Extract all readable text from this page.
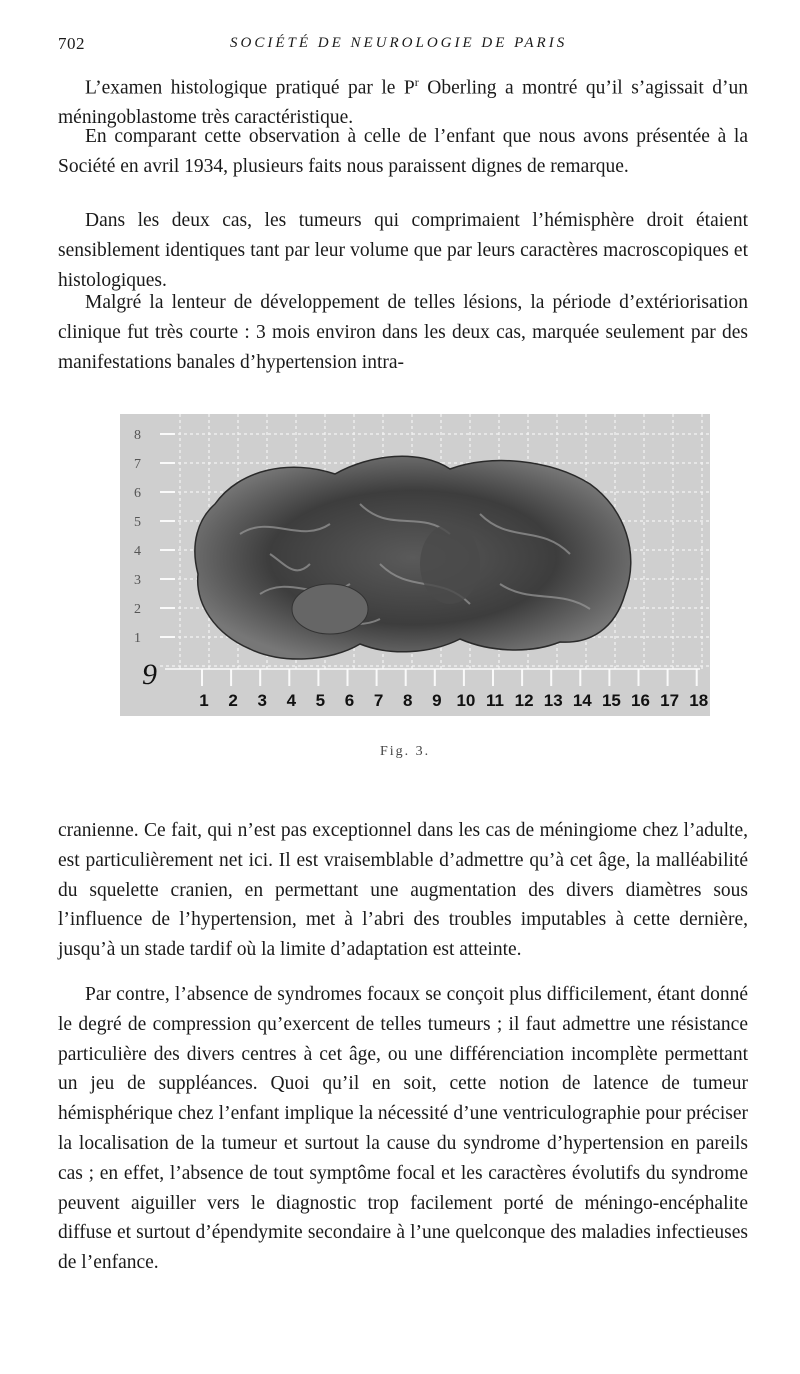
702	SOCIÉTÉ DE NEUROLOGIE DE PARIS

L’examen histologique pratiqué par le $P^r$ Oberling a montré qu’il s’agissait d’un méningoblastome très caractéristique.

En comparant cette observation à celle de l’enfant que nous avons présentée à la Société en avril 1934, plusieurs faits nous paraissent dignes de remarque.

Dans les deux cas, les tumeurs qui comprimaient l’hémisphère droit étaient sensiblement identiques tant par leur volume que par leurs caractères macroscopiques et histologiques.

Malgré la lenteur de développement de telles lésions, la période d’extériorisation clinique fut très courte : 3 mois environ dans les deux cas, marquée seulement par des manifestations banales d’hypertension intra-

1 2 3 4 5 6 7 8 9 10 11 12 13 14 15 16 17 18
8
7
6
5
4
3
2
1
9
Fig. 3.

cranienne. Ce fait, qui n’est pas exceptionnel dans les cas de méningiome chez l’adulte, est particulièrement net ici. Il est vraisemblable d’admettre qu’à cet âge, la malléabilité du squelette cranien, en permettant une augmentation des divers diamètres sous l’influence de l’hypertension, met à l’abri des troubles imputables à cette dernière, jusqu’à un stade tardif où la limite d’adaptation est atteinte.

Par contre, l’absence de syndromes focaux se conçoit plus difficilement, étant donné le degré de compression qu’exercent de telles tumeurs ; il faut admettre une résistance particulière des divers centres à cet âge, ou une différenciation incomplète permettant un jeu de suppléances. Quoi qu’il en soit, cette notion de latence de tumeur hémisphérique chez l’enfant implique la nécessité d’une ventriculographie pour préciser la localisation de la tumeur et surtout la cause du syndrome d’hypertension en pareils cas ; en effet, l’absence de tout symptôme focal et les caractères évolutifs du syndrome peuvent aiguiller vers le diagnostic trop facilement porté de méningo-encéphalite diffuse et surtout d’épendymite secondaire à l’une quelconque des maladies infectieuses de l’enfance.
